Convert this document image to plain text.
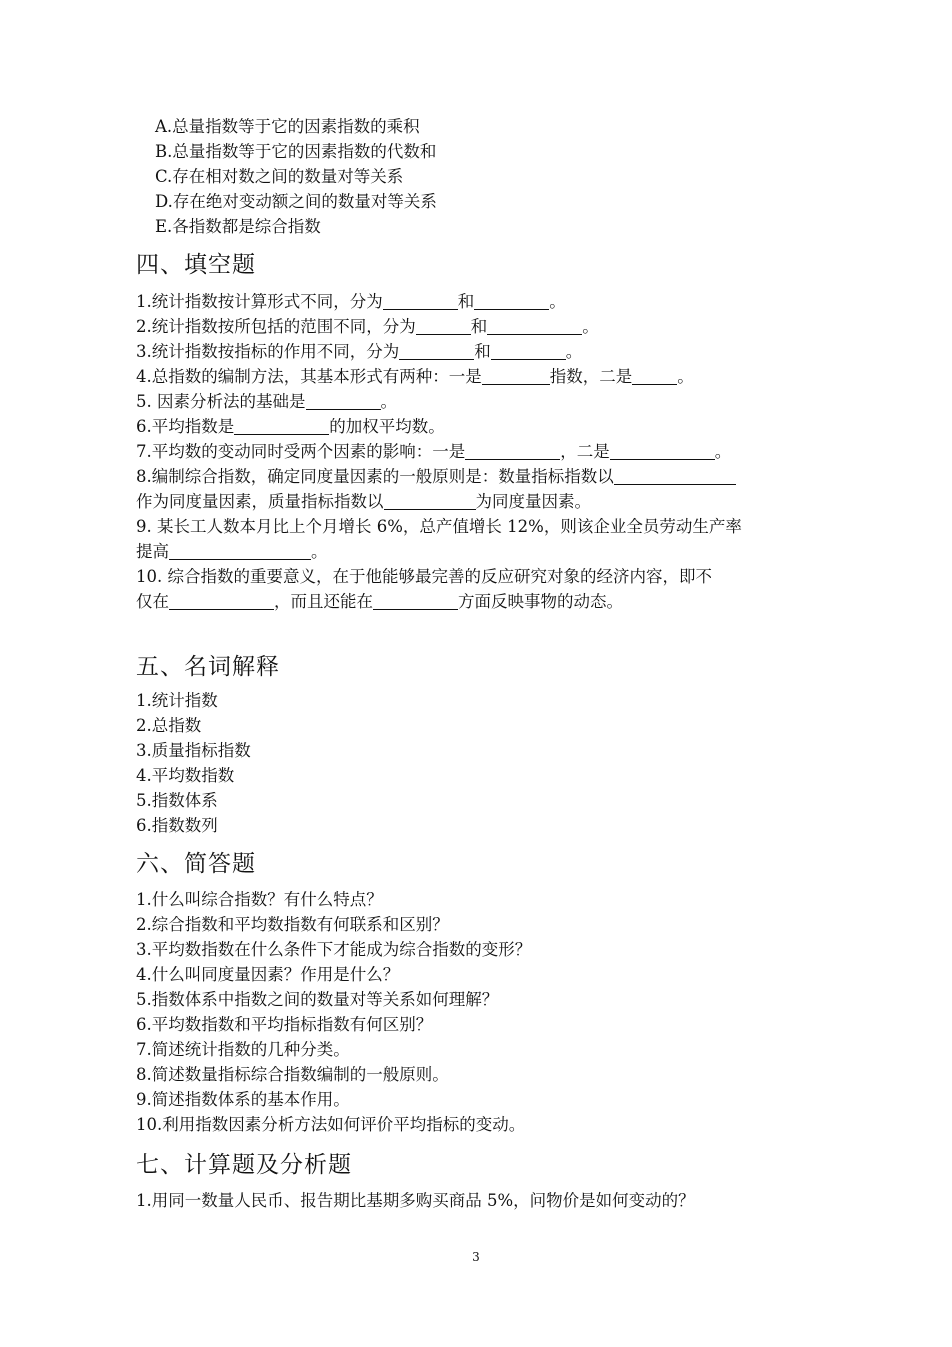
A.总量指数等于它的因素指数的乘积
B.总量指数等于它的因素指数的代数和
C.存在相对数之间的数量对等关系
D.存在绝对变动额之间的数量对等关系
E.各指数都是综合指数
四、填空题
1.统计指数按计算形式不同，分为	和	。
2.统计指数按所包括的范围不同，分为	和	。
3.统计指数按指标的作用不同，分为	和	。
4.总指数的编制方法，其基本形式有两种：一是	指数，二是	。
5. 因素分析法的基础是	。
6.平均指数是	的加权平均数。
7.平均数的变动同时受两个因素的影响：一是	，二是	。
8.编制综合指数，确定同度量因素的一般原则是：数量指标指数以
作为同度量因素，质量指标指数以	为同度量因素。
9. 某长工人数本月比上个月增长 6%，总产值增长 12%，则该企业全员劳动生产率
提高	。
10. 综合指数的重要意义，在于他能够最完善的反应研究对象的经济内容，即不
仅在	，而且还能在	方面反映事物的动态。
五、名词解释
1.统计指数
2.总指数
3.质量指标指数
4.平均数指数
5.指数体系
6.指数数列
六、简答题
1.什么叫综合指数？有什么特点？
2.综合指数和平均数指数有何联系和区别？
3.平均数指数在什么条件下才能成为综合指数的变形？
4.什么叫同度量因素？作用是什么？
5.指数体系中指数之间的数量对等关系如何理解？
6.平均数指数和平均指标指数有何区别？
7.简述统计指数的几种分类。
8.简述数量指标综合指数编制的一般原则。
9.简述指数体系的基本作用。
10.利用指数因素分析方法如何评价平均指标的变动。
七、计算题及分析题
1.用同一数量人民币、报告期比基期多购买商品 5%，问物价是如何变动的？
3
